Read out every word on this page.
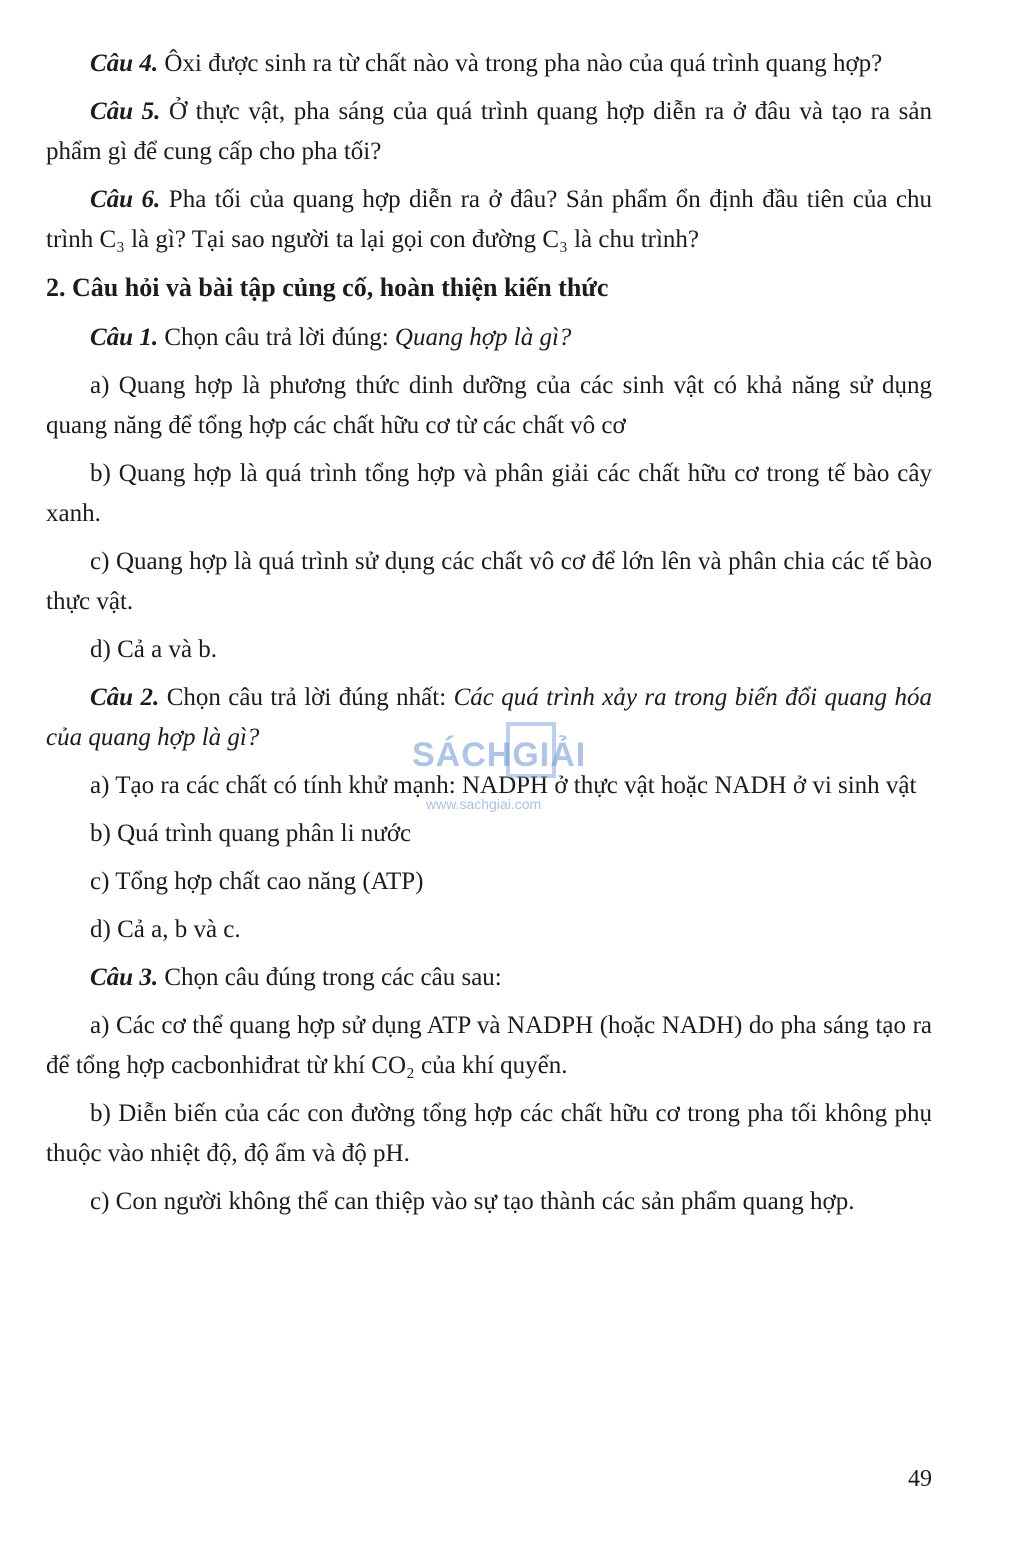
Câu 4. Ôxi được sinh ra từ chất nào và trong pha nào của quá trình quang hợp?

Câu 5. Ở thực vật, pha sáng của quá trình quang hợp diễn ra ở đâu và tạo ra sản phẩm gì để cung cấp cho pha tối?

Câu 6. Pha tối của quang hợp diễn ra ở đâu? Sản phẩm ổn định đầu tiên của chu trình C₃ là gì? Tại sao người ta lại gọi con đường C₃ là chu trình?

2. Câu hỏi và bài tập củng cố, hoàn thiện kiến thức

Câu 1. Chọn câu trả lời đúng: Quang hợp là gì?

a) Quang hợp là phương thức dinh dưỡng của các sinh vật có khả năng sử dụng quang năng để tổng hợp các chất hữu cơ từ các chất vô cơ

b) Quang hợp là quá trình tổng hợp và phân giải các chất hữu cơ trong tế bào cây xanh.

c) Quang hợp là quá trình sử dụng các chất vô cơ để lớn lên và phân chia các tế bào thực vật.

d) Cả a và b.

Câu 2. Chọn câu trả lời đúng nhất: Các quá trình xảy ra trong biến đổi quang hóa của quang hợp là gì?

a) Tạo ra các chất có tính khử mạnh: NADPH ở thực vật hoặc NADH ở vi sinh vật

b) Quá trình quang phân li nước

c) Tổng hợp chất cao năng (ATP)

d) Cả a, b và c.

Câu 3. Chọn câu đúng trong các câu sau:

a) Các cơ thể quang hợp sử dụng ATP và NADPH (hoặc NADH) do pha sáng tạo ra để tổng hợp cacbonhiđrat từ khí CO₂ của khí quyển.

b) Diễn biến của các con đường tổng hợp các chất hữu cơ trong pha tối không phụ thuộc vào nhiệt độ, độ ẩm và độ pH.

c) Con người không thể can thiệp vào sự tạo thành các sản phẩm quang hợp.

SÁCHGIẢI
www.sachgiai.com
49
